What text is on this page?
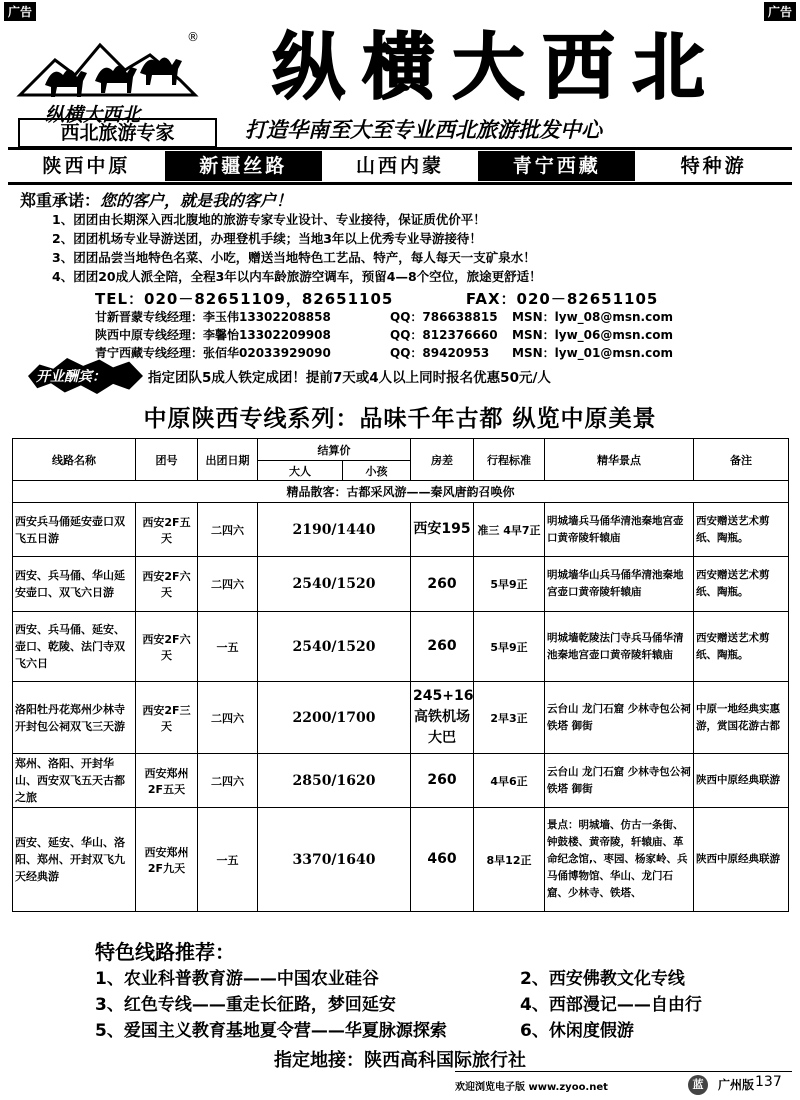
广告	广告
®
纵横大西北
纵横大西北
西北旅游专家	打造华南至大至专业西北旅游批发中心
陕西中原	新疆丝路	山西内蒙	青宁西藏	特种游
郑重承诺：您的客户，就是我的客户！
1、团团由长期深入西北腹地的旅游专家专业设计、专业接待，保证质优价平！
2、团团机场专业导游送团，办理登机手续；当地3年以上优秀专业导游接待！
3、团团品尝当地特色名菜、小吃，赠送当地特色工艺品、特产，每人每天一支矿泉水！
4、团团20成人派全陪，全程3年以内车龄旅游空调车，预留4—8个空位，旅途更舒适！
TEL：020－82651109，82651105	FAX：020－82651105
甘新晋蒙专线经理：李玉伟13302208858	QQ：786638815	MSN：lyw_08@msn.com
陕西中原专线经理：李馨怡13302209908	QQ：812376660	MSN：lyw_06@msn.com
青宁西藏专线经理：张佰华02033929090	QQ：89420953	MSN：lyw_01@msn.com
开业酬宾：	指定团队5成人铁定成团！提前7天或4人以上同时报名优惠50元/人
中原陕西专线系列：品味千年古都 纵览中原美景
线路名称	团号	出团日期	结算价		房差	行程标准	精华景点	备注
			大人	小孩				
精品散客：古都采风游——秦风唐韵召唤你								
西安兵马俑延安壶口双飞五日游	西安2F五天	二四六	2190/1440		西安195	准三 4早7正	明城墙兵马俑华清池秦地宫壶口黄帝陵轩辕庙	西安赠送艺术剪纸、陶瓶。
西安、兵马俑、华山延安壶口、双飞六日游	西安2F六天	二四六	2540/1520		260	5早9正	明城墙华山兵马俑华清池秦地宫壶口黄帝陵轩辕庙	西安赠送艺术剪纸、陶瓶。
西安、兵马俑、延安、壶口、乾陵、法门寺双飞六日	西安2F六天	一五	2540/1520		260	5早9正	明城墙乾陵法门寺兵马俑华清池秦地宫壶口黄帝陵轩辕庙	西安赠送艺术剪纸、陶瓶。
洛阳牡丹花郑州少林寺开封包公祠双飞三天游	西安2F三天	二四六	2200/1700		245+16高铁机场大巴	2早3正	云台山 龙门石窟 少林寺包公祠 铁塔 御街	中原一地经典实惠游，赏国花游古都
郑州、洛阳、开封华山、西安双飞五天古都之旅	西安郑州2F五天	二四六	2850/1620		260	4早6正	云台山 龙门石窟 少林寺包公祠 铁塔 御街	陕西中原经典联游
西安、延安、华山、洛阳、郑州、开封双飞九天经典游	西安郑州2F九天	一五	3370/1640		460	8早12正	景点：明城墙、仿古一条街、钟鼓楼、黄帝陵，轩辕庙、革命纪念馆,、枣园、杨家岭、兵马俑博物馆、华山、龙门石窟、少林寺、铁塔、	陕西中原经典联游
特色线路推荐：
1、农业科普教育游——中国农业硅谷	2、西安佛教文化专线
3、红色专线——重走长征路，梦回延安	4、西部漫记——自由行
5、爱国主义教育基地夏令营——华夏脉源探索	6、休闲度假游
指定地接：陕西高科国际旅行社
欢迎浏览电子版 www.zyoo.net	蓝	广州版 137
